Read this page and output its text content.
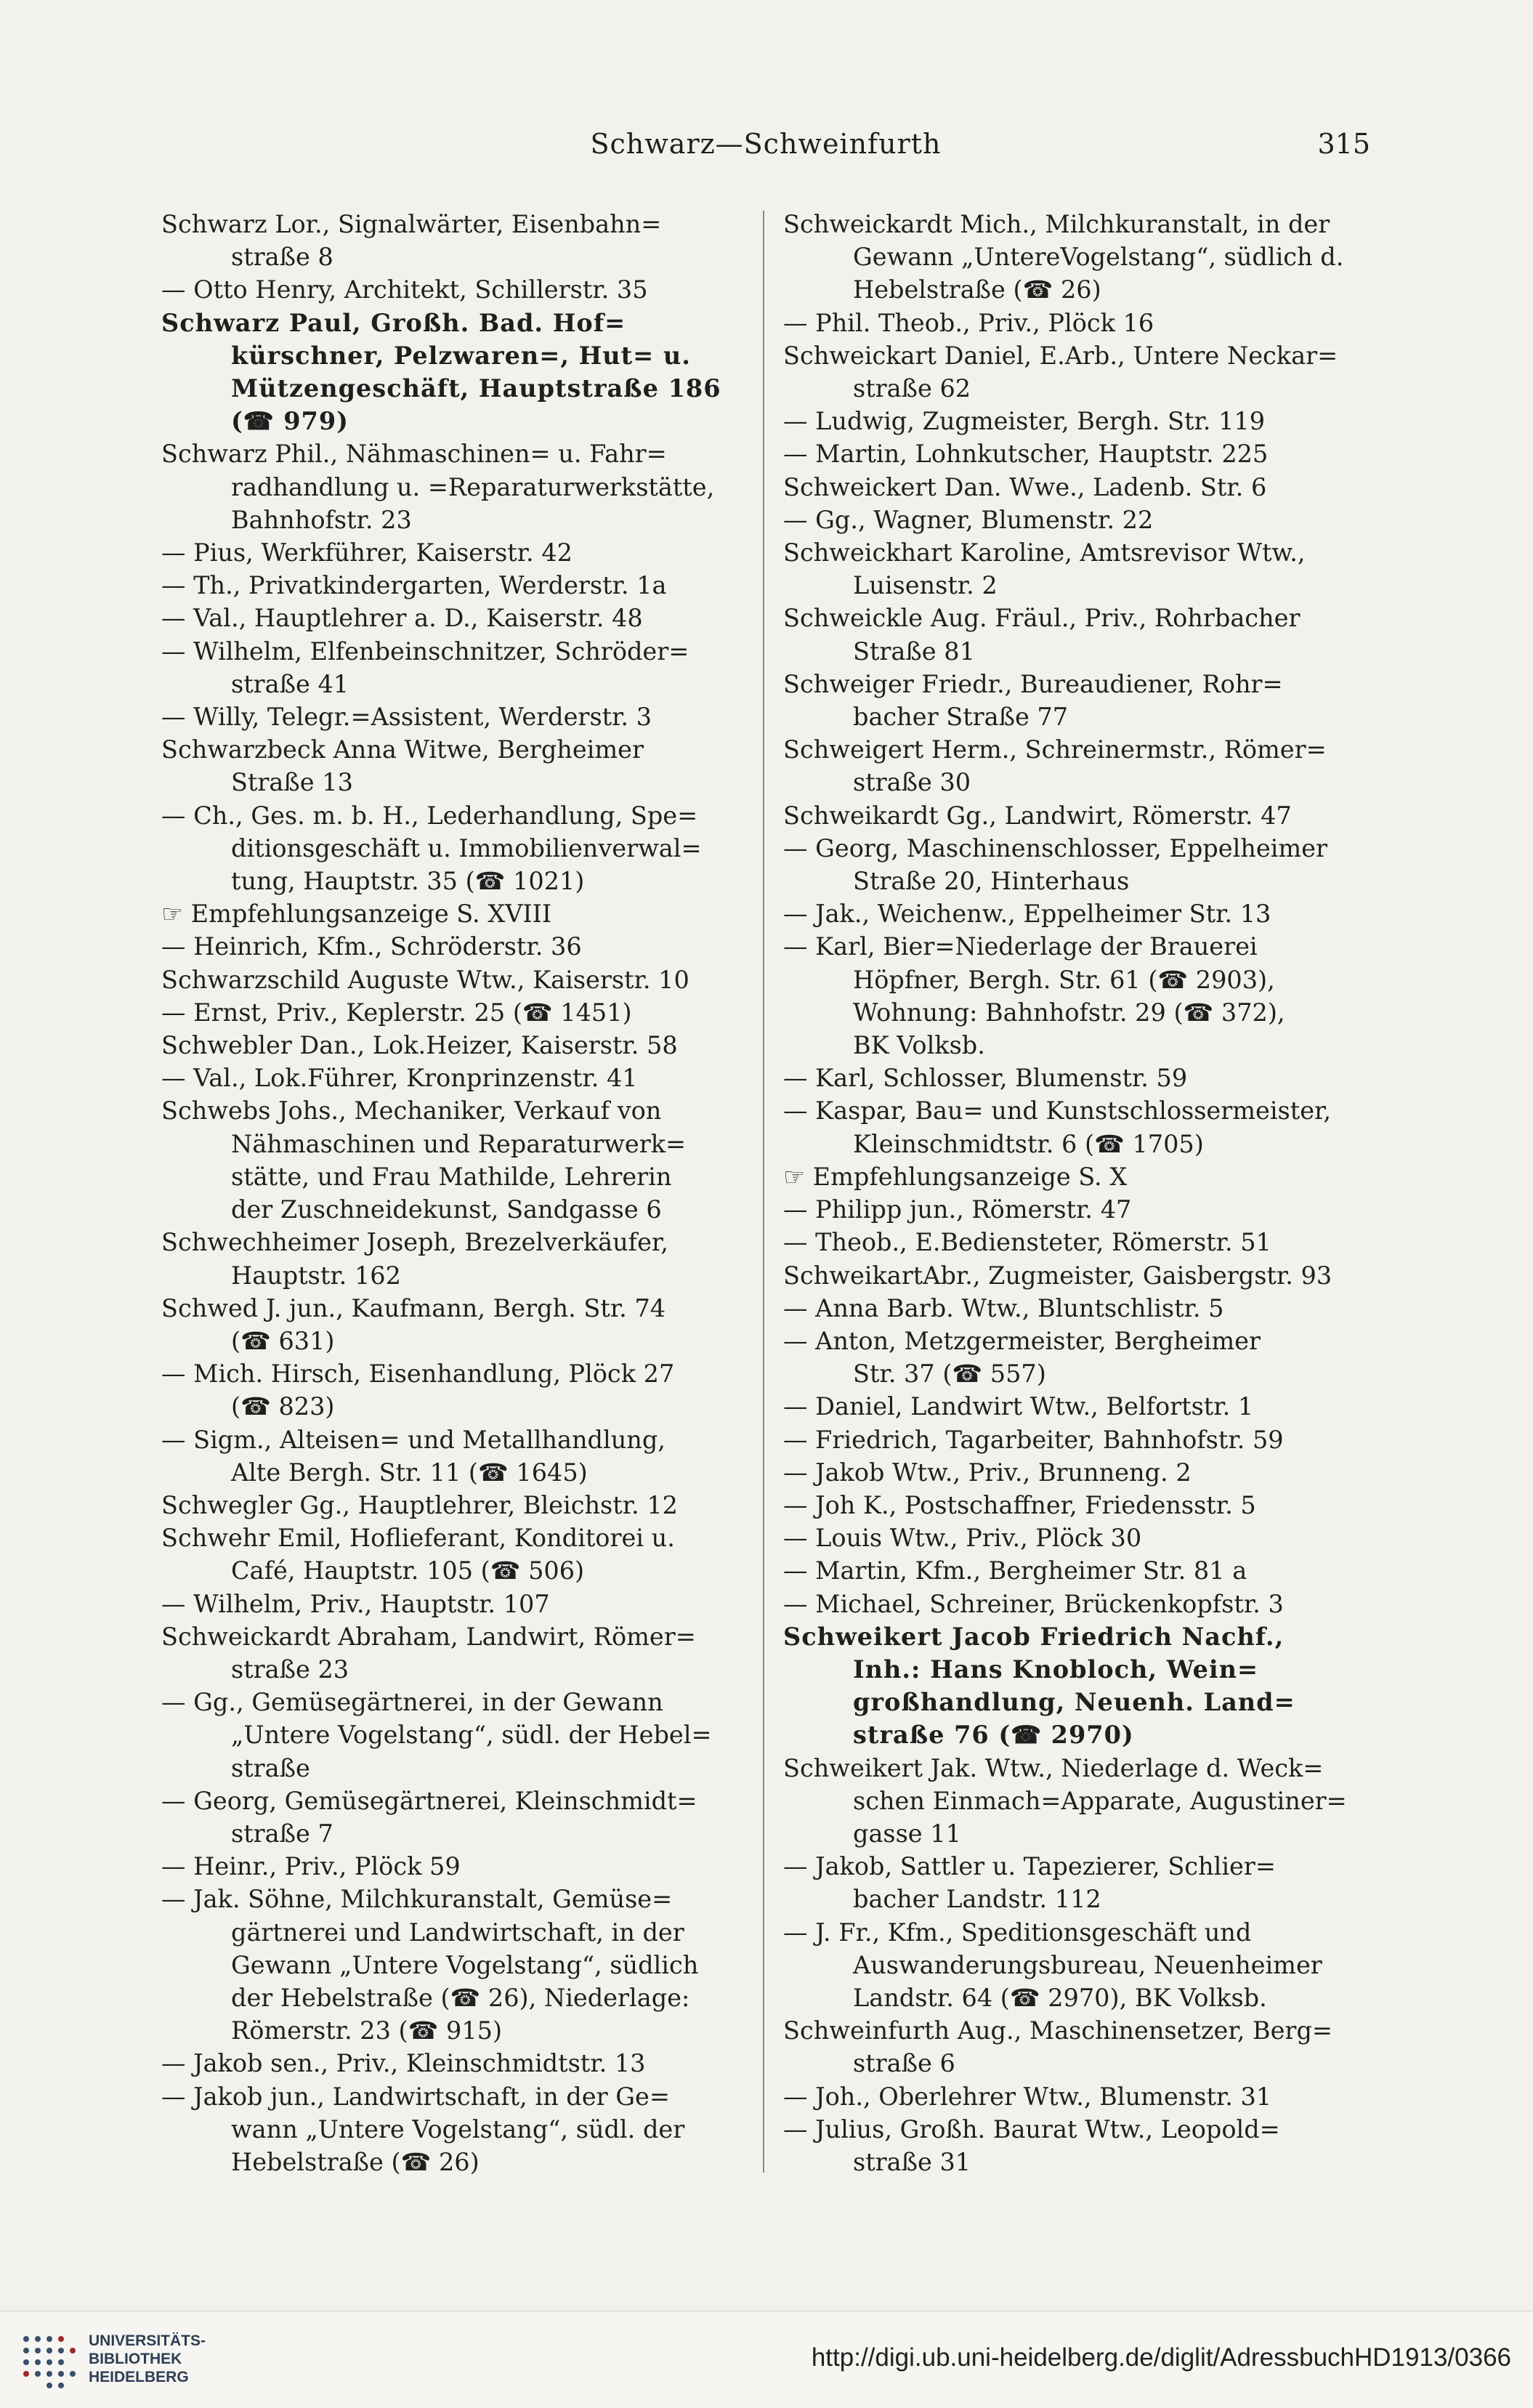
Schwarz—Schweinfurth	315
Schwarz Lor., Signalwärter, Eisenbahn=
straße 8
— Otto Henry, Architekt, Schillerstr. 35
Schwarz Paul, Großh. Bad. Hof=
kürschner, Pelzwaren=, Hut= u.
Mützengeschäft, Hauptstraße 186
(☎ 979)
Schwarz Phil., Nähmaschinen= u. Fahr=
radhandlung u. =Reparaturwerkstätte,
Bahnhofstr. 23
— Pius, Werkführer, Kaiserstr. 42
— Th., Privatkindergarten, Werderstr. 1a
— Val., Hauptlehrer a. D., Kaiserstr. 48
— Wilhelm, Elfenbeinschnitzer, Schröder=
straße 41
— Willy, Telegr.=Assistent, Werderstr. 3
Schwarzbeck Anna Witwe, Bergheimer
Straße 13
— Ch., Ges. m. b. H., Lederhandlung, Spe=
ditionsgeschäft u. Immobilienverwal=
tung, Hauptstr. 35 (☎ 1021)
☞ Empfehlungsanzeige S. XVIII
— Heinrich, Kfm., Schröderstr. 36
Schwarzschild Auguste Wtw., Kaiserstr. 10
— Ernst, Priv., Keplerstr. 25 (☎ 1451)
Schwebler Dan., Lok.Heizer, Kaiserstr. 58
— Val., Lok.Führer, Kronprinzenstr. 41
Schwebs Johs., Mechaniker, Verkauf von
Nähmaschinen und Reparaturwerk=
stätte, und Frau Mathilde, Lehrerin
der Zuschneidekunst, Sandgasse 6
Schwechheimer Joseph, Brezelverkäufer,
Hauptstr. 162
Schwed J. jun., Kaufmann, Bergh. Str. 74
(☎ 631)
— Mich. Hirsch, Eisenhandlung, Plöck 27
(☎ 823)
— Sigm., Alteisen= und Metallhandlung,
Alte Bergh. Str. 11 (☎ 1645)
Schwegler Gg., Hauptlehrer, Bleichstr. 12
Schwehr Emil, Hoflieferant, Konditorei u.
Café, Hauptstr. 105 (☎ 506)
— Wilhelm, Priv., Hauptstr. 107
Schweickardt Abraham, Landwirt, Römer=
straße 23
— Gg., Gemüsegärtnerei, in der Gewann
„Untere Vogelstang“, südl. der Hebel=
straße
— Georg, Gemüsegärtnerei, Kleinschmidt=
straße 7
— Heinr., Priv., Plöck 59
— Jak. Söhne, Milchkuranstalt, Gemüse=
gärtnerei und Landwirtschaft, in der
Gewann „Untere Vogelstang“, südlich
der Hebelstraße (☎ 26), Niederlage:
Römerstr. 23 (☎ 915)
— Jakob sen., Priv., Kleinschmidtstr. 13
— Jakob jun., Landwirtschaft, in der Ge=
wann „Untere Vogelstang“, südl. der
Hebelstraße (☎ 26)
Schweickardt Mich., Milchkuranstalt, in der
Gewann „UntereVogelstang“, südlich d.
Hebelstraße (☎ 26)
— Phil. Theob., Priv., Plöck 16
Schweickart Daniel, E.Arb., Untere Neckar=
straße 62
— Ludwig, Zugmeister, Bergh. Str. 119
— Martin, Lohnkutscher, Hauptstr. 225
Schweickert Dan. Wwe., Ladenb. Str. 6
— Gg., Wagner, Blumenstr. 22
Schweickhart Karoline, Amtsrevisor Wtw.,
Luisenstr. 2
Schweickle Aug. Fräul., Priv., Rohrbacher
Straße 81
Schweiger Friedr., Bureaudiener, Rohr=
bacher Straße 77
Schweigert Herm., Schreinermstr., Römer=
straße 30
Schweikardt Gg., Landwirt, Römerstr. 47
— Georg, Maschinenschlosser, Eppelheimer
Straße 20, Hinterhaus
— Jak., Weichenw., Eppelheimer Str. 13
— Karl, Bier=Niederlage der Brauerei
Höpfner, Bergh. Str. 61 (☎ 2903),
Wohnung: Bahnhofstr. 29 (☎ 372),
BK Volksb.
— Karl, Schlosser, Blumenstr. 59
— Kaspar, Bau= und Kunstschlossermeister,
Kleinschmidtstr. 6 (☎ 1705)
☞ Empfehlungsanzeige S. X
— Philipp jun., Römerstr. 47
— Theob., E.Bediensteter, Römerstr. 51
SchweikartAbr., Zugmeister, Gaisbergstr. 93
— Anna Barb. Wtw., Bluntschlistr. 5
— Anton, Metzgermeister, Bergheimer
Str. 37 (☎ 557)
— Daniel, Landwirt Wtw., Belfortstr. 1
— Friedrich, Tagarbeiter, Bahnhofstr. 59
— Jakob Wtw., Priv., Brunneng. 2
— Joh K., Postschaffner, Friedensstr. 5
— Louis Wtw., Priv., Plöck 30
— Martin, Kfm., Bergheimer Str. 81 a
— Michael, Schreiner, Brückenkopfstr. 3
Schweikert Jacob Friedrich Nachf.,
Inh.: Hans Knobloch, Wein=
großhandlung, Neuenh. Land=
straße 76 (☎ 2970)
Schweikert Jak. Wtw., Niederlage d. Weck=
schen Einmach=Apparate, Augustiner=
gasse 11
— Jakob, Sattler u. Tapezierer, Schlier=
bacher Landstr. 112
— J. Fr., Kfm., Speditionsgeschäft und
Auswanderungsbureau, Neuenheimer
Landstr. 64 (☎ 2970), BK Volksb.
Schweinfurth Aug., Maschinensetzer, Berg=
straße 6
— Joh., Oberlehrer Wtw., Blumenstr. 31
— Julius, Großh. Baurat Wtw., Leopold=
straße 31
UNIVERSITÄTS-
BIBLIOTHEK
HEIDELBERG
http://digi.ub.uni-heidelberg.de/diglit/AdressbuchHD1913/0366
